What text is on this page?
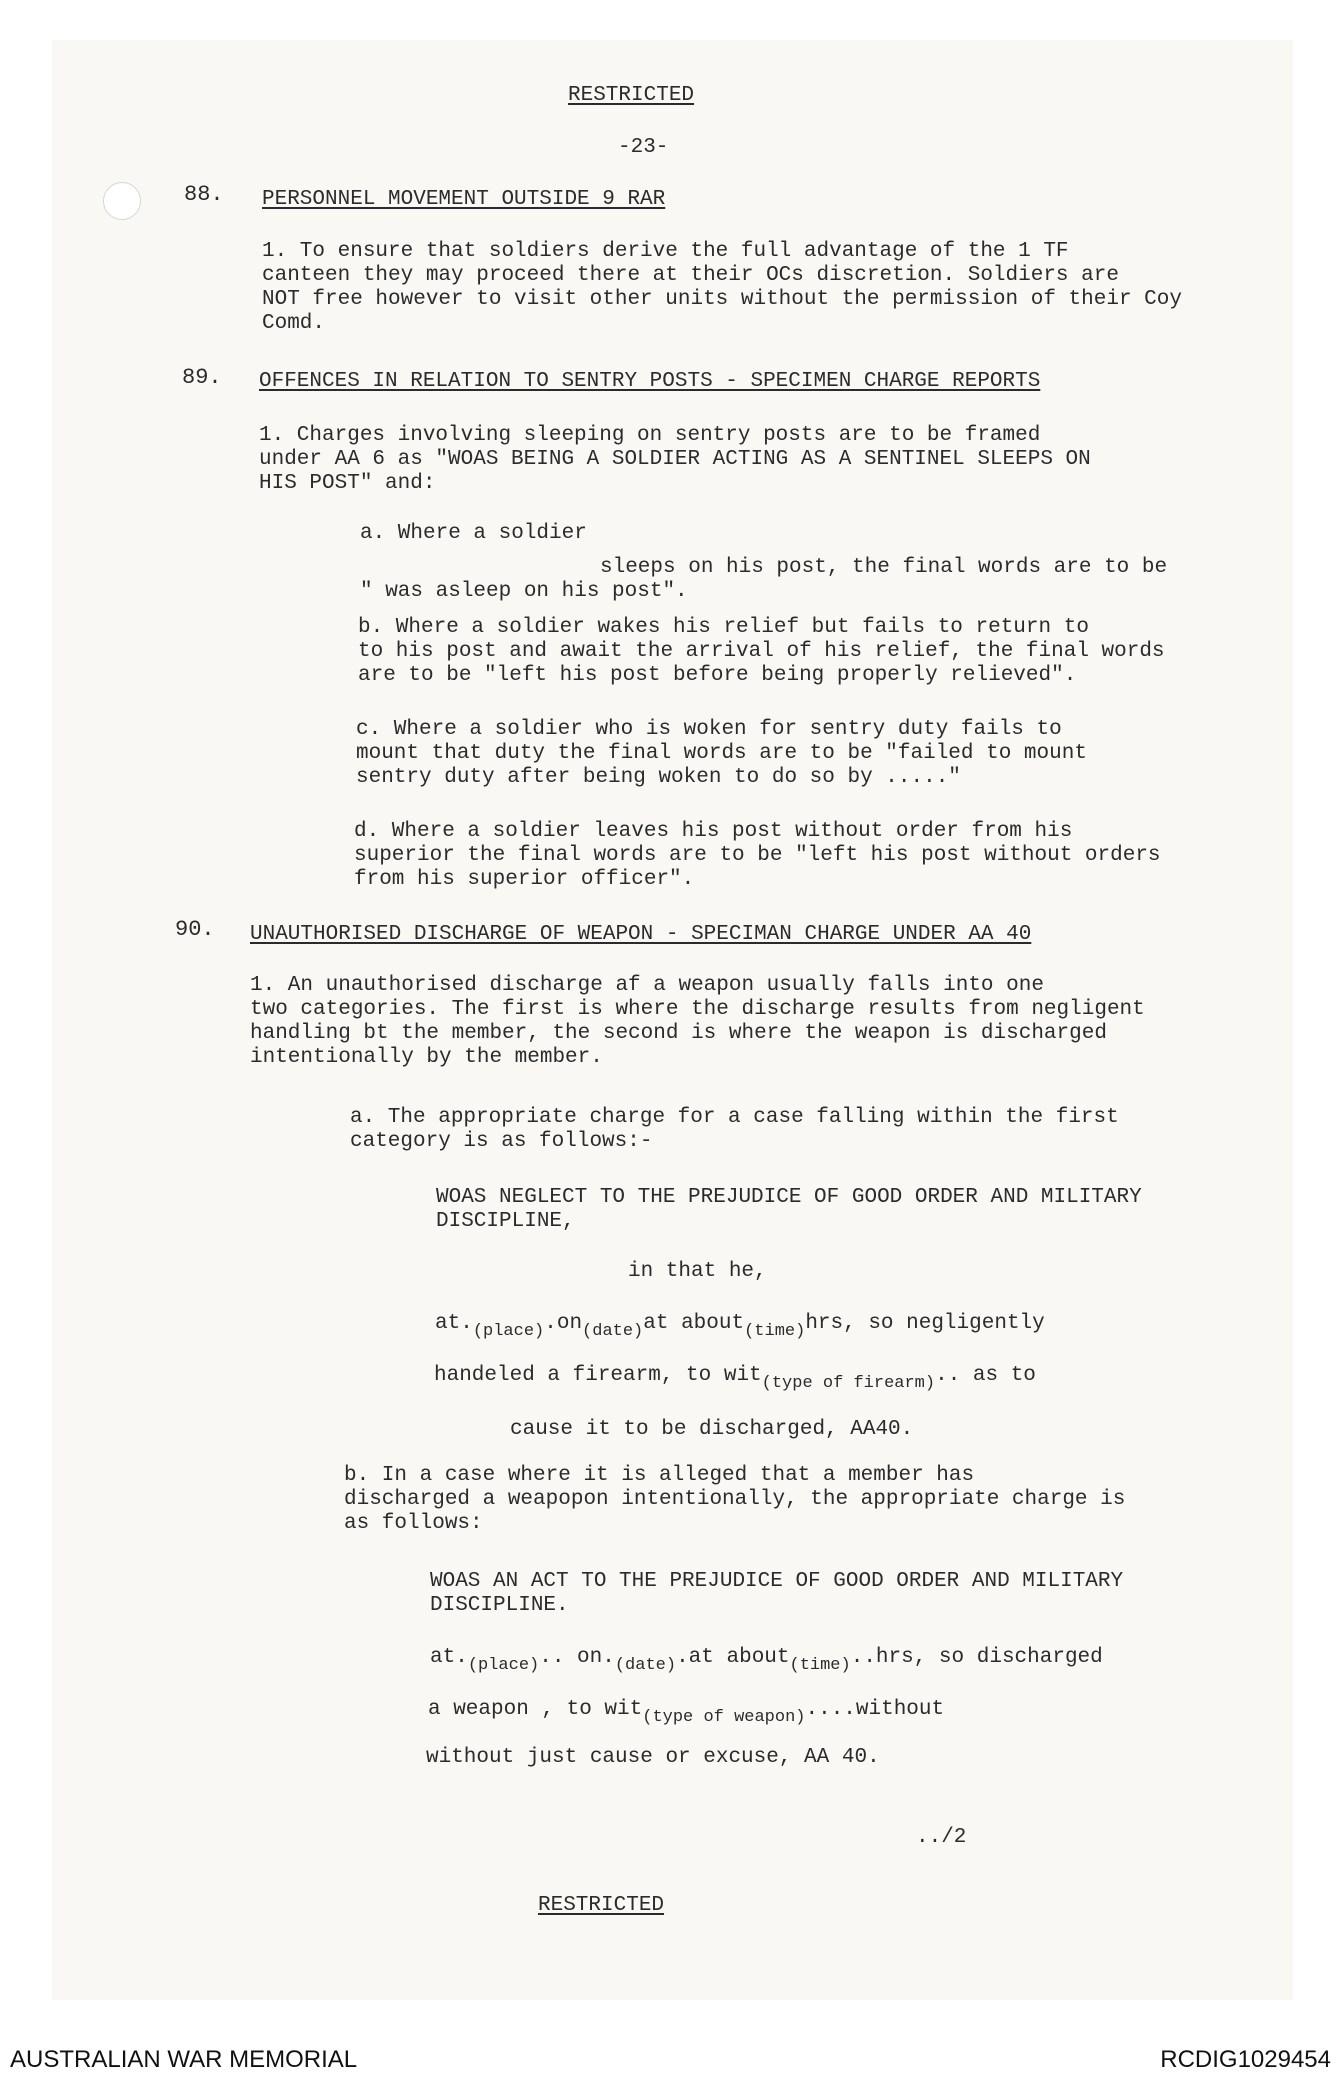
RESTRICTED
-23-
88. PERSONNEL MOVEMENT OUTSIDE 9 RAR
1. To ensure that soldiers derive the full advantage of the 1 TF
canteen they may proceed there at their OCs discretion. Soldiers are
NOT free however to visit other units without the permission of their Coy
Comd.
89. OFFENCES IN RELATION TO SENTRY POSTS - SPECIMEN CHARGE REPORTS
1. Charges involving sleeping on sentry posts are to be framed
under AA 6 as "WOAS BEING A SOLDIER ACTING AS A SENTINEL SLEEPS ON
HIS POST" and:
a. Where a soldier
sleeps on his post, the final words are to be
" was asleep on his post".
b. Where a soldier wakes his relief but fails to return to
to his post and await the arrival of his relief, the final words
are to be "left his post before being properly relieved".
c. Where a soldier who is woken for sentry duty fails to
mount that duty the final words are to be "failed to mount
sentry duty after being woken to do so by ....."
d. Where a soldier leaves his post without order from his
superior the final words are to be "left his post without orders
from his superior officer".
90. UNAUTHORISED DISCHARGE OF WEAPON - SPECIMAN CHARGE UNDER AA 40
1. An unauthorised discharge af a weapon usually falls into one
two categories. The first is where the discharge results from negligent
handling bt the member, the second is where the weapon is discharged
intentionally by the member.
a. The appropriate charge for a case falling within the first
category is as follows:-
WOAS NEGLECT TO THE PREJUDICE OF GOOD ORDER AND MILITARY
DISCIPLINE,
in that he,
$at._{(place)}.on_{(date)}at$ about$_{(time)}$hrs, so negligently
handeled a firearm, to wit$_{(type of firearm)}$.. as to
cause it to be discharged, AA40.
b. In a case where it is alleged that a member has
discharged a weapopon intentionally, the appropriate charge is
as follows:
WOAS AN ACT TO THE PREJUDICE OF GOOD ORDER AND MILITARY
DISCIPLINE.
$at._{(place)}$.. $on._{(date)}.at$ about$_{(time)}$..hrs, so discharged
a weapon , to wit$_{(type of weapon)}$....without
without just cause or excuse, AA 40.
../2
RESTRICTED
AUSTRALIAN WAR MEMORIAL	RCDIG1029454
